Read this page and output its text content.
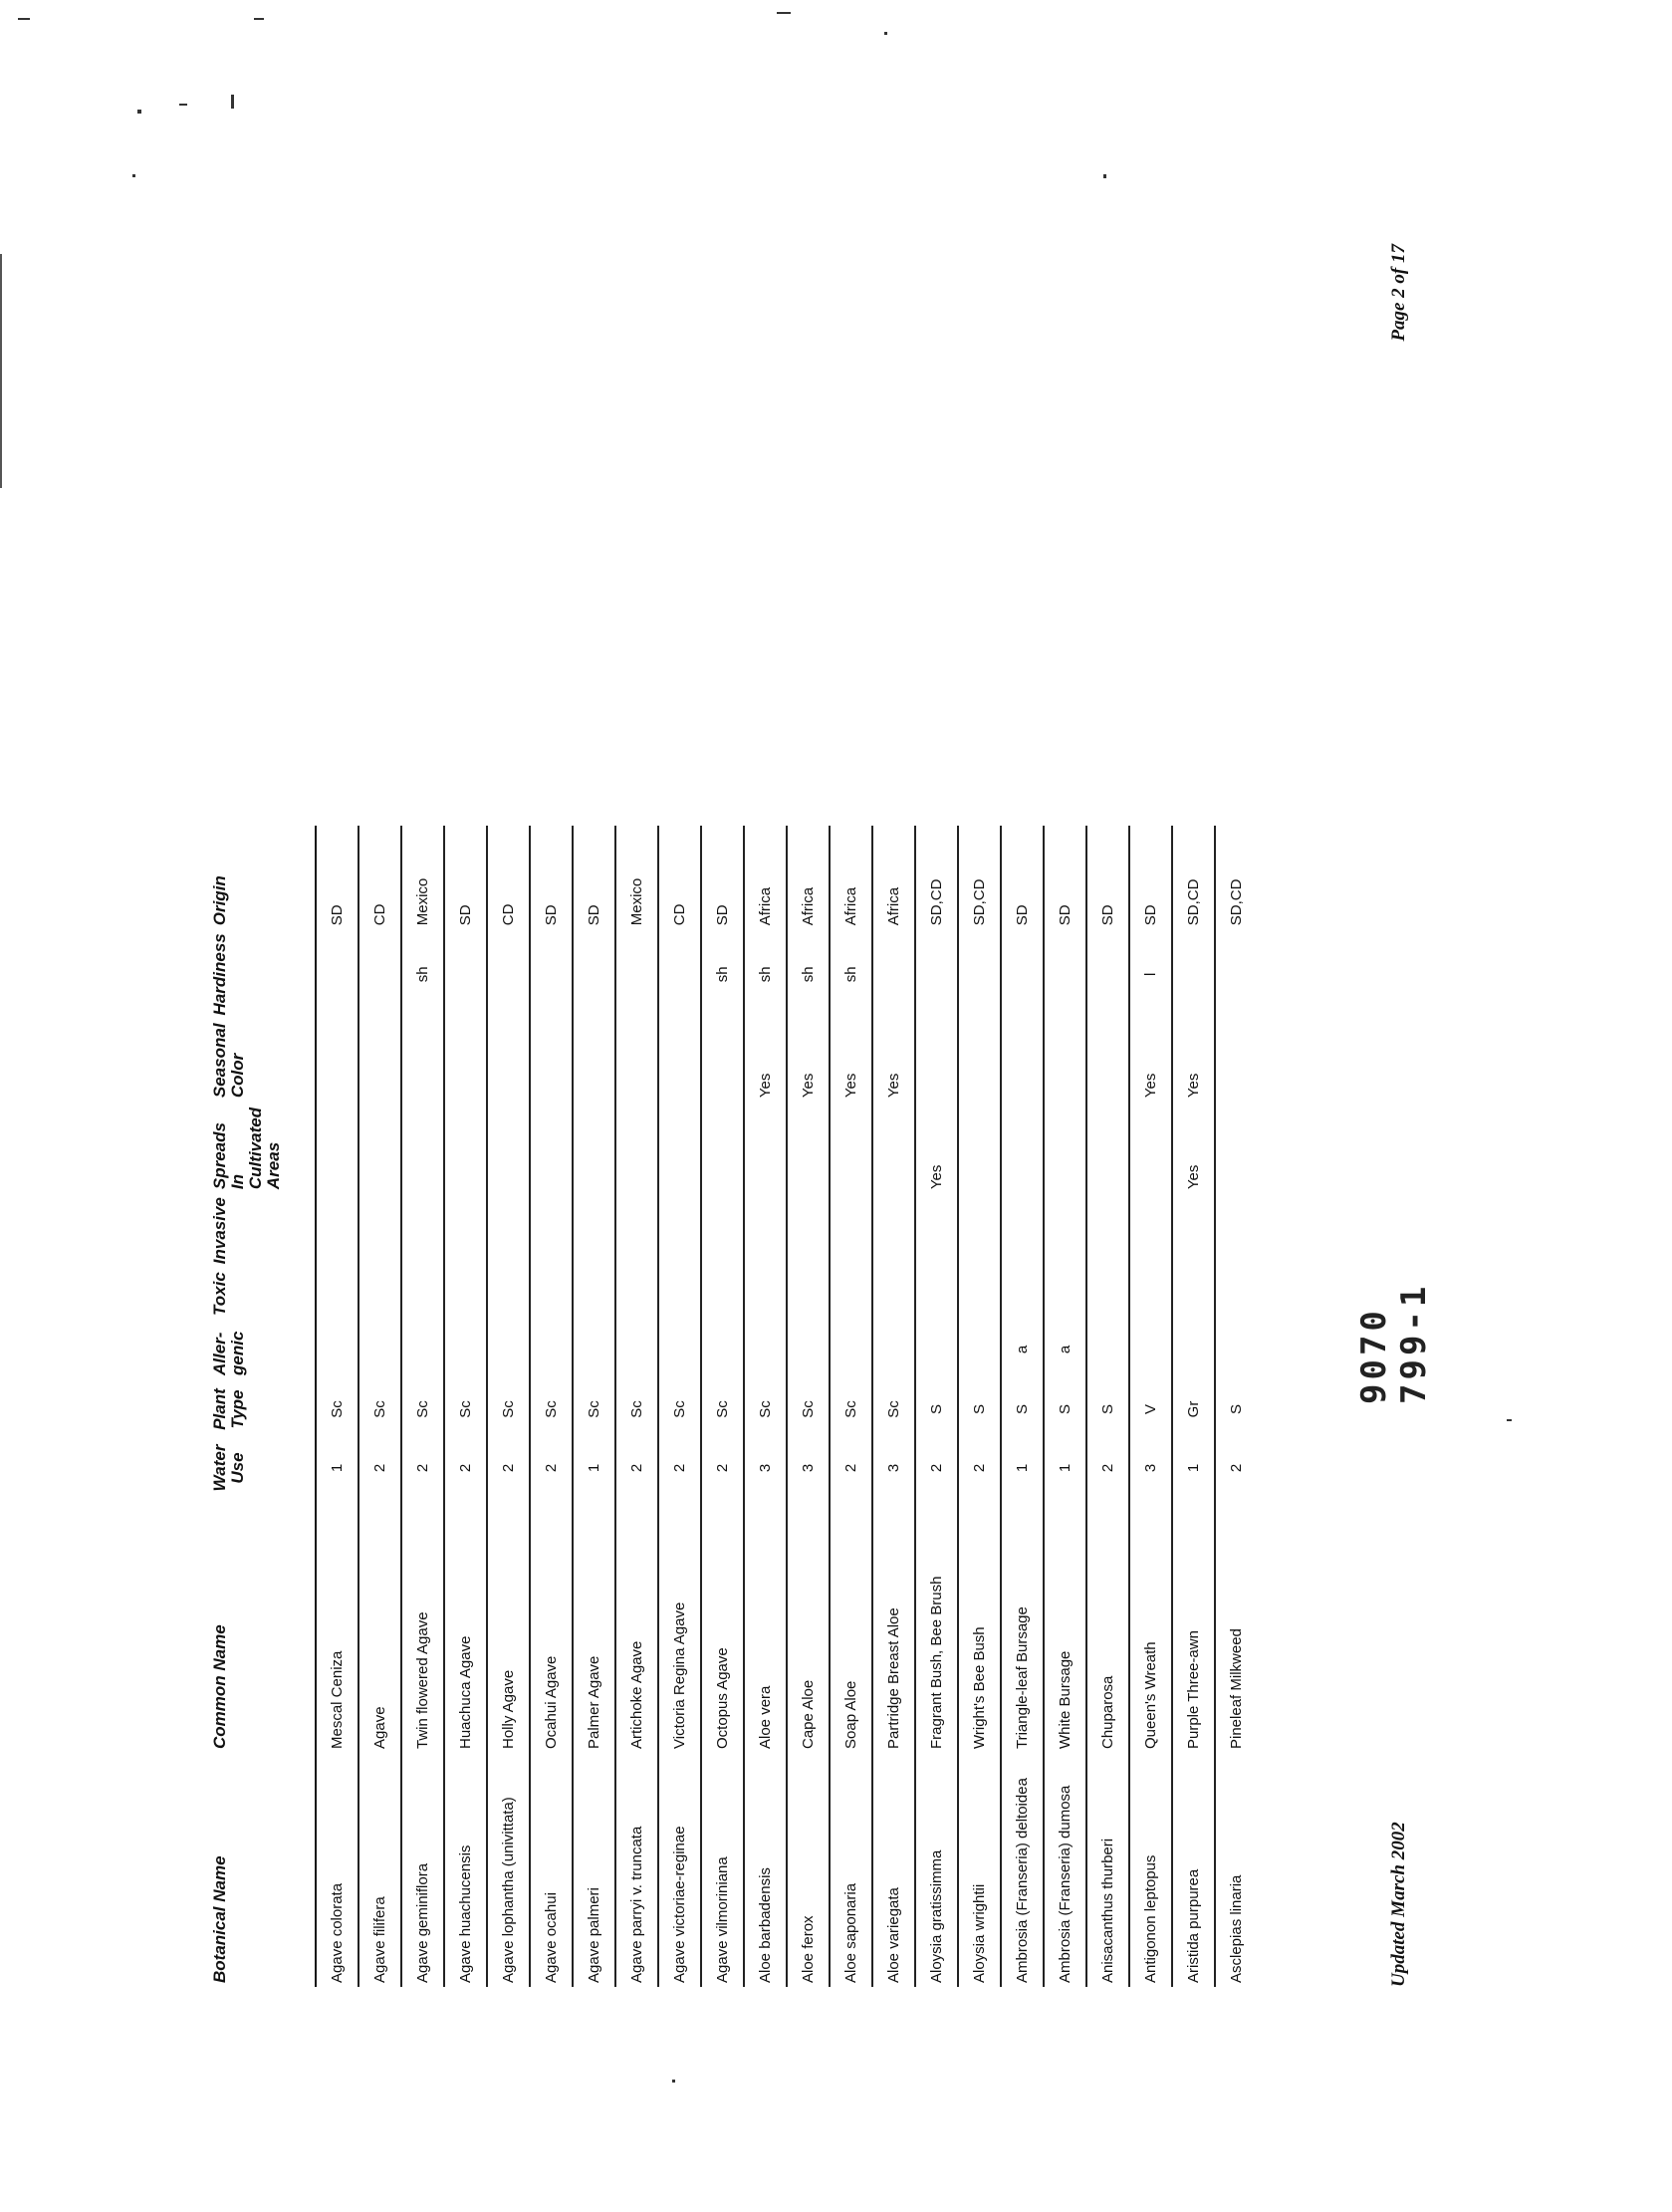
Botanical Name	Common Name	Water Use	Plant Type	Aller- genic	Toxic	Invasive	Spreads In Cultivated Areas	Seasonal Color	Hardiness	Origin
Agave colorata	Mescal Ceniza	1	Sc							SD
Agave filifera	Agave	2	Sc							CD
Agave geminiflora	Twin flowered Agave	2	Sc						sh	Mexico
Agave huachucensis	Huachuca Agave	2	Sc							SD
Agave lophantha (univittata)	Holly Agave	2	Sc							CD
Agave ocahui	Ocahui Agave	2	Sc							SD
Agave palmeri	Palmer Agave	1	Sc							SD
Agave parryi v. truncata	Artichoke Agave	2	Sc							Mexico
Agave victoriae-reginae	Victoria Regina Agave	2	Sc							CD
Agave vilmoriniana	Octopus Agave	2	Sc						sh	SD
Aloe barbadensis	Aloe vera	3	Sc					Yes	sh	Africa
Aloe ferox	Cape Aloe	3	Sc					Yes	sh	Africa
Aloe saponaria	Soap Aloe	2	Sc					Yes	sh	Africa
Aloe variegata	Partridge Breast Aloe	3	Sc					Yes		Africa
Aloysia gratissimma	Fragrant Bush, Bee Brush	2	S				Yes			SD,CD
Aloysia wrightii	Wright's Bee Bush	2	S							SD,CD
Ambrosia (Franseria) deltoidea	Triangle-leaf Bursage	1	S	a						SD
Ambrosia (Franseria) dumosa	White Bursage	1	S	a						SD
Anisacanthus thurberi	Chuparosa	2	S							SD
Antigonon leptopus	Queen's Wreath	3	V					Yes	l	SD
Aristida purpurea	Purple Three-awn	1	Gr				Yes	Yes		SD,CD
Asclepias linaria	Pineleaf Milkweed	2	S							SD,CD
Updated March 2002
Page 2 of 17
9070 799-1
